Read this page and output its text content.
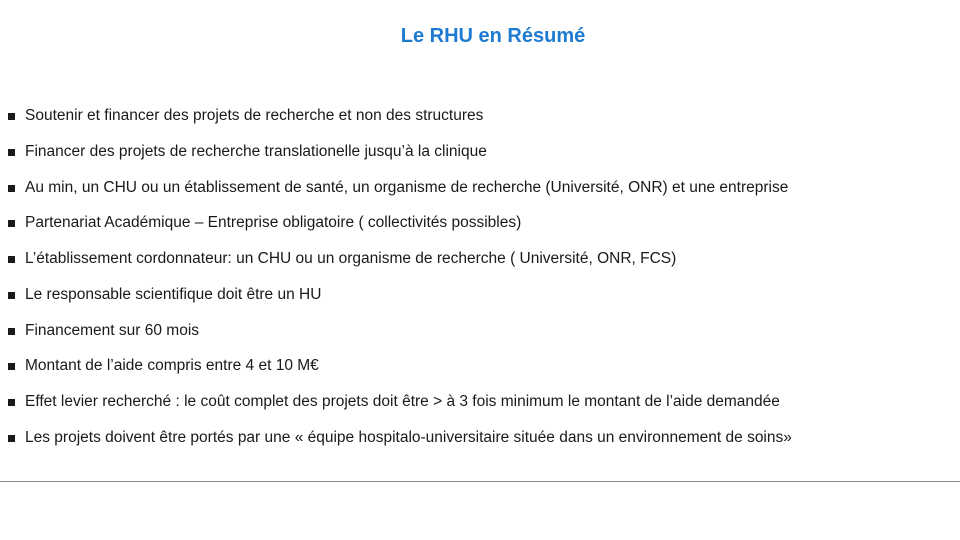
Le RHU en Résumé
Soutenir et financer des projets de recherche et non des structures
Financer des projets de recherche translationelle jusqu’à la clinique
Au min, un CHU ou un établissement de santé, un organisme de recherche (Université, ONR) et une entreprise
Partenariat Académique – Entreprise obligatoire ( collectivités possibles)
L’établissement cordonnateur: un CHU ou un organisme de recherche ( Université, ONR, FCS)
Le responsable scientifique doit être un HU
Financement sur 60 mois
Montant de l’aide compris entre 4 et 10 M€
Effet levier recherché : le coût complet des projets doit être > à 3 fois minimum le montant de l’aide demandée
Les projets doivent être portés par une « équipe hospitalo-universitaire située dans un environnement de soins»
